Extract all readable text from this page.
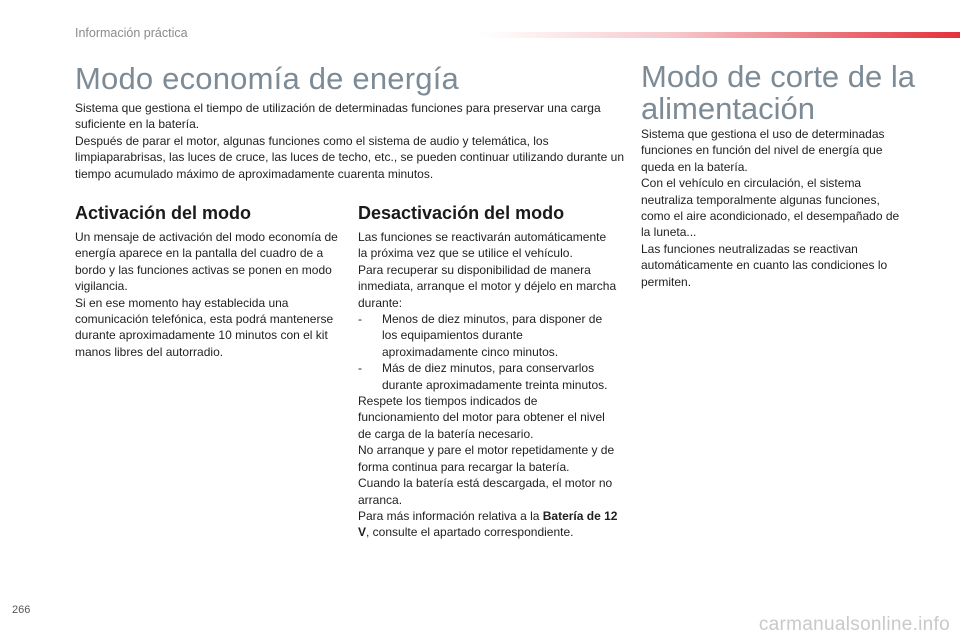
Información práctica
Modo economía de energía

Sistema que gestiona el tiempo de utilización de determinadas funciones para preservar una carga suficiente en la batería.
Después de parar el motor, algunas funciones como el sistema de audio y telemática, los limpiaparabrisas, las luces de cruce, las luces de techo, etc., se pueden continuar utilizando durante un tiempo acumulado máximo de aproximadamente cuarenta minutos.

Activación del modo

Un mensaje de activación del modo economía de energía aparece en la pantalla del cuadro de a bordo y las funciones activas se ponen en modo vigilancia.
Si en ese momento hay establecida una comunicación telefónica, esta podrá mantenerse durante aproximadamente 10 minutos con el kit manos libres del autorradio.

Desactivación del modo
Las funciones se reactivarán automáticamente la próxima vez que se utilice el vehículo.
Para recuperar su disponibilidad de manera inmediata, arranque el motor y déjelo en marcha durante:
- Menos de diez minutos, para disponer de los equipamientos durante aproximadamente cinco minutos.
- Más de diez minutos, para conservarlos durante aproximadamente treinta minutos.
Respete los tiempos indicados de funcionamiento del motor para obtener el nivel de carga de la batería necesario.
No arranque y pare el motor repetidamente y de forma continua para recargar la batería.
Cuando la batería está descargada, el motor no arranca.
Para más información relativa a la Batería de 12 V, consulte el apartado correspondiente.
Modo de corte de la alimentación

Sistema que gestiona el uso de determinadas funciones en función del nivel de energía que queda en la batería.
Con el vehículo en circulación, el sistema neutraliza temporalmente algunas funciones, como el aire acondicionado, el desempañado de la luneta...
Las funciones neutralizadas se reactivan automáticamente en cuanto las condiciones lo permiten.

266
carmanualsonline.info
